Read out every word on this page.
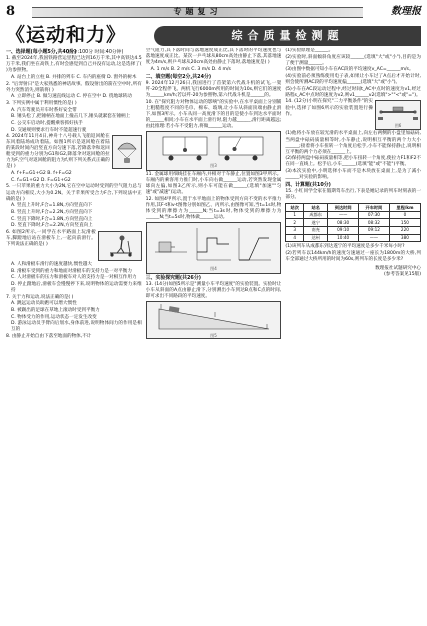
8	专题复习	数理报
《运动和力》	综合质量检测题
(满分:100分 时间:40分钟)

一、选择题(每小题5分,共40分)

1. 截至2024年,我国铁路营运里程已达到16万千米,其中高铁达4.5万千米,我们坐在高铁上,有时会感觉到自己并没有运动,这是选择了( )为参照物。

A. 站台上的立柱 B. 并排的列车 C. 车内的座椅 D. 窗外的树木

2. "后羿射日"是大家熟悉的神话故事。假设射出的箭在空中时,所有外力突然消失,则箭将( )

A. 立即停止 B. 做匀速直线运动 C. 停在空中 D. 绕地球转动

3. 下列实例中属于利用惯性的是( )

A. 汽车驾驶员开车时系好安全带

B. 锤头松了,把锤柄在地面上撞击几下,锤头就紧套在锤柄上

C. 公交车启动时,提醒乘客抓好扶手

D. 交通规则要求行车时不能超速行驶

4. 2024年11月4日,神舟十八号载人飞船返回舱在东风着陆场成功着陆。如图1所示是返回舱在着陆的某段时间内沿竖直方向匀速下落,若降落伞和返回舱受到的重力分别为G1和G2,降落伞对返回舱的拉力为F,空气对返回舱的阻力为f,则下列关系式正确的是( )

A. f+F=G1+G2 B. f+F=G2

C. f=G1+G2 D. F=G1+G2

5. 一只苹果的重力大小为2N,它在空中运动时受到的空气阻力总与运动方向相反,大小为0.2N。关于苹果所受合力F合,下列说法中正确的是( )

A. 竖直上升时,F合=1.8N,方向竖直向下

B. 竖直上升时,F合=2.2N,方向竖直向下

C. 竖直下降时,F合=1.8N,方向竖直向上

D. 竖直下降时,F合=2.2N,方向竖直向上

6. 如图2所示,一同学在水平路面上玩滑板车,脚蹬地后站在滑板车上,一起向前滑行。下列说法正确的是( )

A. 人和滑板车滑行的速度越快,惯性越大

B. 滑板车受到的重力和地面对滑板车的支持力是一对平衡力

C. 人对滑板车的压力和滑板车对人的支持力是一对相互作用力

D. 停止蹬地后,滑板车会慢慢停下来,说明物体的运动需要力来维持

7. 关于力和运动,说法正确的是( )

A. 跳远运动员助跑可以增大惯性

B. 被踢出的足球在草地上滚动时受到平衡力

C. 物体受力的作用,运动状态一定发生改变

D. 游泳运动员手臂向后划水,身体前进,说明物体间力的作用是相互的

8. 由静止开始自由下落至地面的物体,不计

空气阻力,其下落时间与落地速度成正比,其下落时的平均速度也与落地速度成正比。某次一乒乓球从80cm高处由静止下落,其落地速度为4m/s,则乒乓球从20cm高处由静止下落时,落地速度是( )

A. 1 m/s B. 2 m/s C. 3 m/s D. 4 m/s

二、填空题(每空2分,共24分)

9. 2024年12月26日,我国进行了首架第六代战斗机的试飞,一架歼-20全程伴飞。两机飞行6000m所用的时间为10s,则它们的速度为______km/h;若以歼-20为参照物,第六代战斗机是______的。

10. 在"探究阻力对物体运动的影响"的实验中,在水平桌面上分别铺上粗糙程度不同的毛巾、棉布、玻璃,让小车从斜面顶端由静止滑下,如图3所示。小车从同一高度滑下的目的是使小车到达水平面时的______相同;小车在水平面上滑行时,阻力越______,滑行距离越远;由此推理:若小车不受阻力,将做______运动。

图3

11. 金属球用细线挂在车厢内,并相对于车静止,位置如图3甲所示。车厢内的乘客用力推门时,小车向右做______运动,若突然发现金属球向左偏,如图3乙所示,则小车可能在做______(选填"加速""匀速"或"减速")运动。

12. 如图4甲所示,置于水平地面上的物体受到方向不变的水平推力作用,其F-t和v-t图像分别如图乙、丙所示,由图像可知,当t=1s时,物体受到的摩擦力为______N;当t=3s时,物体受到的摩擦力为______N;当t=5s时,物体做______运动。

图4

三、实验探究题(共26分)

13. (14分)如图5所示是"测量小车平均速度"的实验装置。实验时让小车从斜面的A点由静止滑下,分别测出小车到达B点和C点的时间,即可求出不同路段的平均速度。

图5

(1)实验原理是______。

(2)实验时,斜面倾斜角度应该较______(选填"大"或"小"),目的是为了便于测量______。

(3)由图中数据可知小车在AC段的平均速度v_AC=______m/s。

(4)实验前必须熟练使用电子表,如果让小车过了A点后才开始计时,则会使所测AC段的平均速度偏______(选填"大"或"小")。

(5)小车在AC段运动过程中,经过时间t_AC中点时的速度为v1,经过路程s_AC中点时的速度为v2,则v1______v2(选填">""<"或"=")。

14. (12分)小明在探究"二力平衡条件"的实验中,选择了如图6所示的实验装置进行操作。

图6

(1)他将小车放在较光滑的水平桌面上,向左右两侧的小盘里加砝码,当两盘中砝码质量相等时,小车静止,说明相互平衡的两个力大小______;接着将小车扭转一个角度后松手,小车不能保持静止,说明相互平衡的两个力必须在______上。

(2)保持两盘中砝码质量相等,把小车扭转一个角度,使拉力F1和F2不在同一直线上。松手后,小车______(选填"能"或"不能")平衡。

(3)本次实验中,小明选择小车而不是木块放在桌面上,是为了减小______对实验的影响。

四、计算题(共10分)

15. 小红同学全家在假期驾车出行,下表是她记录的列车时刻表的一部分。

站次	站名	到达时间	开车时间	里程/km
1	成都东	——	07:30	0
2	遂宁	08:30	08:32	150
3	南充	09:10	09:12	220
4	达州	10:40	——	380

(1)该列车从成都东到达遂宁的平均速度是多少千米每小时?

(2)若列车以144km/h的速度匀速通过一座长为1800m的大桥,列车全部通过大桥所用的时间为60s,则列车的长度是多少米?

数理报社试题研究中心
(参考答案见15版)
